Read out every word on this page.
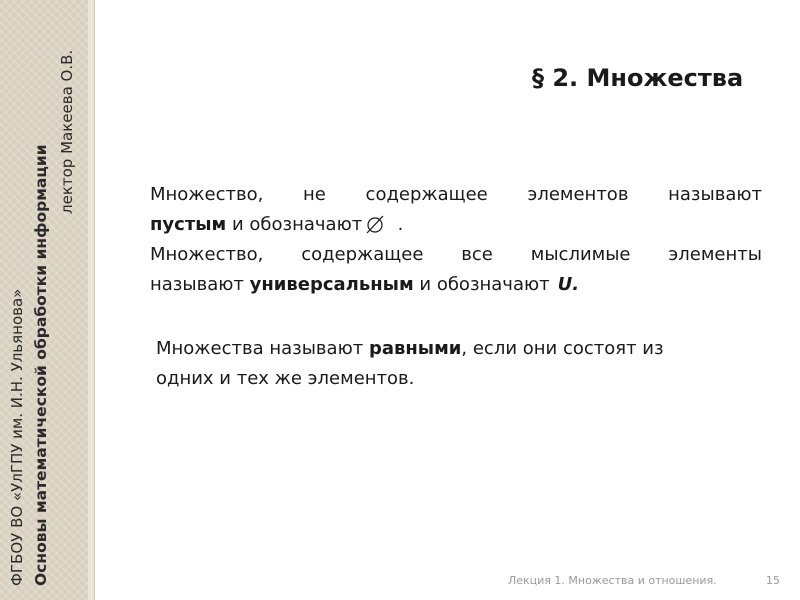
ФГБОУ ВО «УлГПУ им. И.Н. Ульянова» Основы математической обработки информации
лектор Макеева О.В.	§ 2. Множества
Множество, не содержащее элементов называют
пустым и обозначают  .
Множество, содержащее все мыслимые элементы
называют универсальным и обозначают U.
Множества называют равными, если они состоят из
одних и тех же элементов.
Лекция 1. Множества и отношения.	15
